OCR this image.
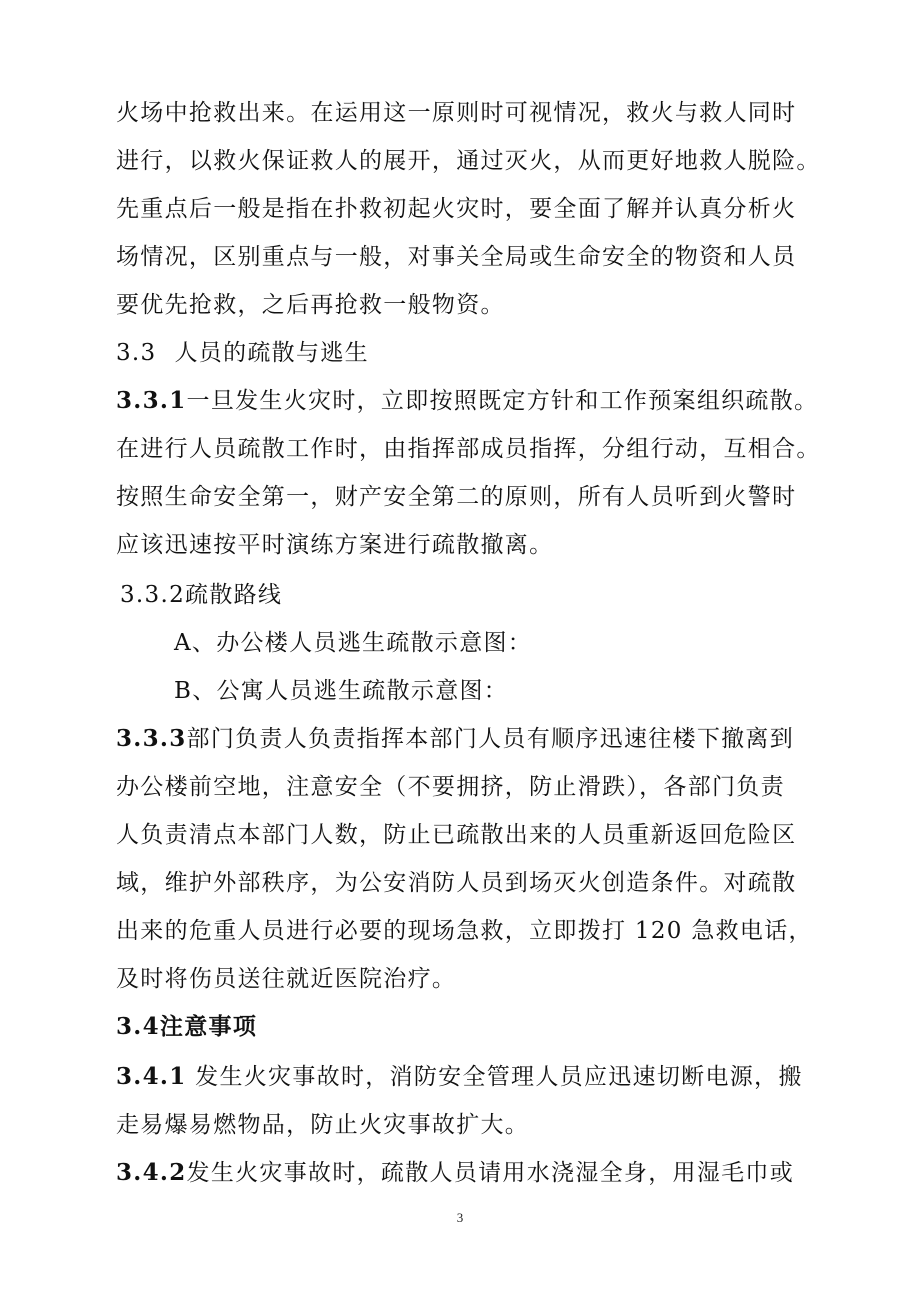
火场中抢救出来。在运用这一原则时可视情况，救火与救人同时
进行，以救火保证救人的展开，通过灭火，从而更好地救人脱险。
先重点后一般是指在扑救初起火灾时，要全面了解并认真分析火
场情况，区别重点与一般，对事关全局或生命安全的物资和人员
要优先抢救，之后再抢救一般物资。
3.3 人员的疏散与逃生
3.3.1一旦发生火灾时，立即按照既定方针和工作预案组织疏散。
在进行人员疏散工作时，由指挥部成员指挥，分组行动，互相合。
按照生命安全第一，财产安全第二的原则，所有人员听到火警时
应该迅速按平时演练方案进行疏散撤离。
3.3.2疏散路线
A、办公楼人员逃生疏散示意图：
B、公寓人员逃生疏散示意图：
3.3.3部门负责人负责指挥本部门人员有顺序迅速往楼下撤离到
办公楼前空地，注意安全（不要拥挤，防止滑跌），各部门负责
人负责清点本部门人数，防止已疏散出来的人员重新返回危险区
域，维护外部秩序，为公安消防人员到场灭火创造条件。对疏散
出来的危重人员进行必要的现场急救，立即拨打 120 急救电话，
及时将伤员送往就近医院治疗。
3.4注意事项
3.4.1 发生火灾事故时，消防安全管理人员应迅速切断电源，搬
走易爆易燃物品，防止火灾事故扩大。
3.4.2发生火灾事故时，疏散人员请用水浇湿全身，用湿毛巾或
3
